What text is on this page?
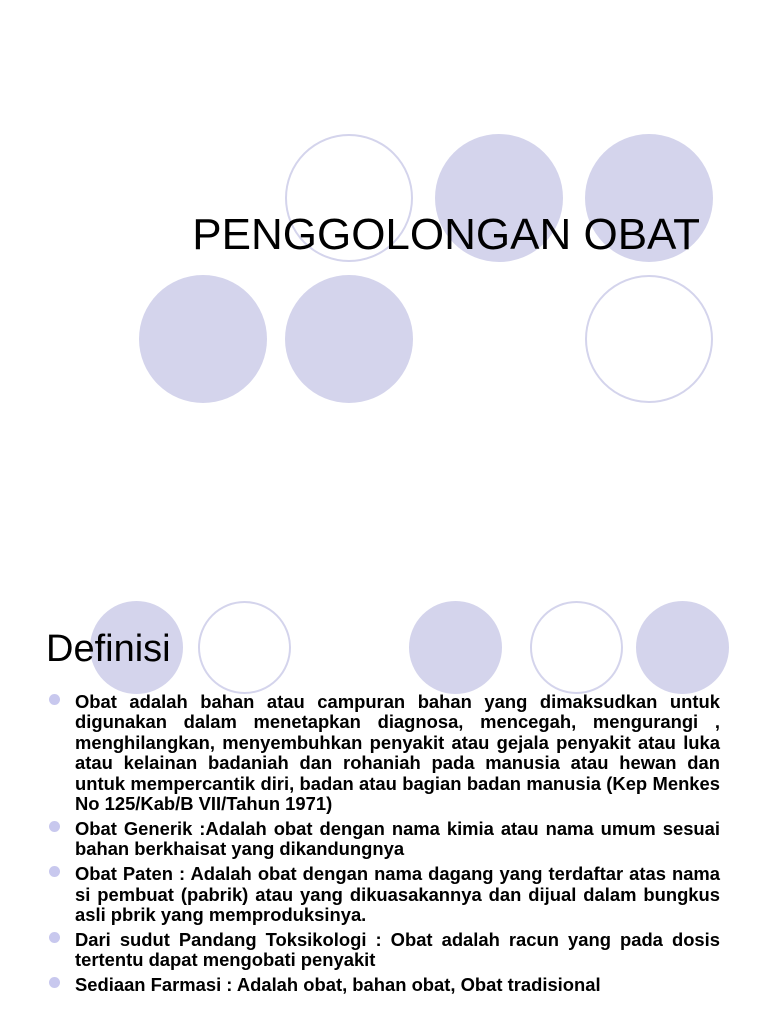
PENGGOLONGAN OBAT
Definisi
Obat adalah bahan atau campuran bahan yang dimaksudkan untuk digunakan dalam menetapkan diagnosa, mencegah, mengurangi , menghilangkan, menyembuhkan penyakit atau gejala penyakit atau luka atau kelainan badaniah dan rohaniah pada manusia atau hewan dan untuk mempercantik diri, badan atau bagian badan manusia (Kep Menkes No 125/Kab/B VII/Tahun 1971)
Obat Generik :Adalah obat dengan nama kimia atau nama umum sesuai bahan berkhaisat yang dikandungnya
Obat Paten : Adalah obat dengan nama dagang yang terdaftar atas nama si pembuat (pabrik) atau yang dikuasakannya dan dijual dalam bungkus asli pbrik yang memproduksinya.
Dari sudut Pandang Toksikologi : Obat adalah racun yang pada dosis tertentu dapat mengobati penyakit
Sediaan Farmasi : Adalah obat, bahan obat, Obat tradisional
